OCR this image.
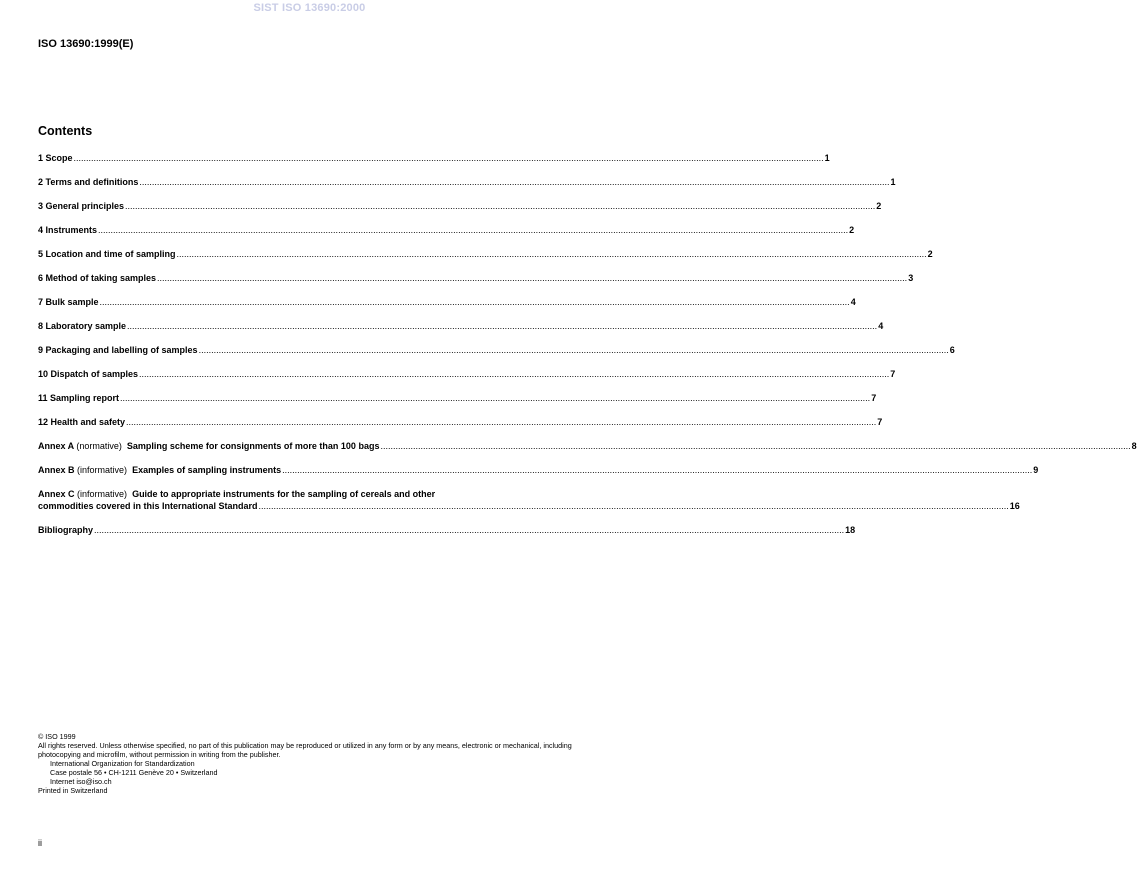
SIST ISO 13690:2000
ISO 13690:1999(E)
Contents
1 Scope ............................................................................................................................................................................................................................................................................................................ 1
2 Terms and definitions ............................................................................................................................................................................................................................................................................................................ 1
3 General principles ............................................................................................................................................................................................................................................................................................................ 2
4 Instruments ............................................................................................................................................................................................................................................................................................................ 2
5 Location and time of sampling ............................................................................................................................................................................................................................................................................................................ 2
6 Method of taking samples ............................................................................................................................................................................................................................................................................................................ 3
7 Bulk sample ............................................................................................................................................................................................................................................................................................................ 4
8 Laboratory sample ............................................................................................................................................................................................................................................................................................................ 4
9 Packaging and labelling of samples ............................................................................................................................................................................................................................................................................................................ 6
10 Dispatch of samples ............................................................................................................................................................................................................................................................................................................ 7
11 Sampling report ............................................................................................................................................................................................................................................................................................................ 7
12 Health and safety ............................................................................................................................................................................................................................................................................................................ 7
Annex A (normative) Sampling scheme for consignments of more than 100 bags ............................................................................................................................................................................................................................................................................................................ 8
Annex B (informative) Examples of sampling instruments ............................................................................................................................................................................................................................................................................................................ 9
Annex C (informative) Guide to appropriate instruments for the sampling of cereals and other
commodities covered in this International Standard ............................................................................................................................................................................................................................................................................................................ 16
Bibliography ............................................................................................................................................................................................................................................................................................................ 18
© ISO 1999
All rights reserved. Unless otherwise specified, no part of this publication may be reproduced or utilized in any form or by any means, electronic or mechanical, including photocopying and microfilm, without permission in writing from the publisher.
International Organization for Standardization
Case postale 56 • CH-1211 Genève 20 • Switzerland
Internet iso@iso.ch
Printed in Switzerland
ii
